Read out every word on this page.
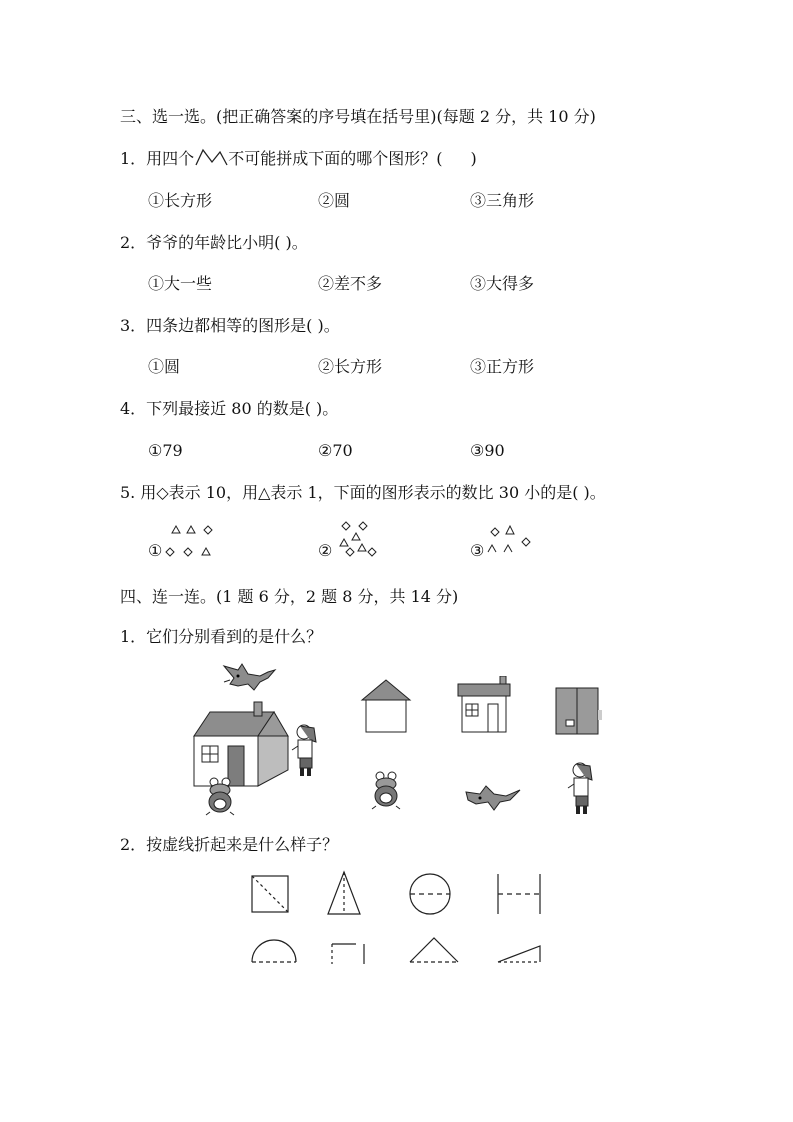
三、选一选。(把正确答案的序号填在括号里)(每题 2 分，共 10 分)
1．用四个 不可能拼成下面的哪个图形？( )
①长方形	②圆	③三角形
2．爷爷的年龄比小明( )。
①大一些	②差不多	③大得多
3．四条边都相等的图形是( )。
①圆	②长方形	③正方形
4．下列最接近 80 的数是( )。
①79	②70	③90
5. 用◇表示 10，用△表示 1，下面的图形表示的数比 30 小的是( )。
①	②	③
四、连一连。(1 题 6 分，2 题 8 分，共 14 分)
1．它们分别看到的是什么？
2．按虚线折起来是什么样子？
